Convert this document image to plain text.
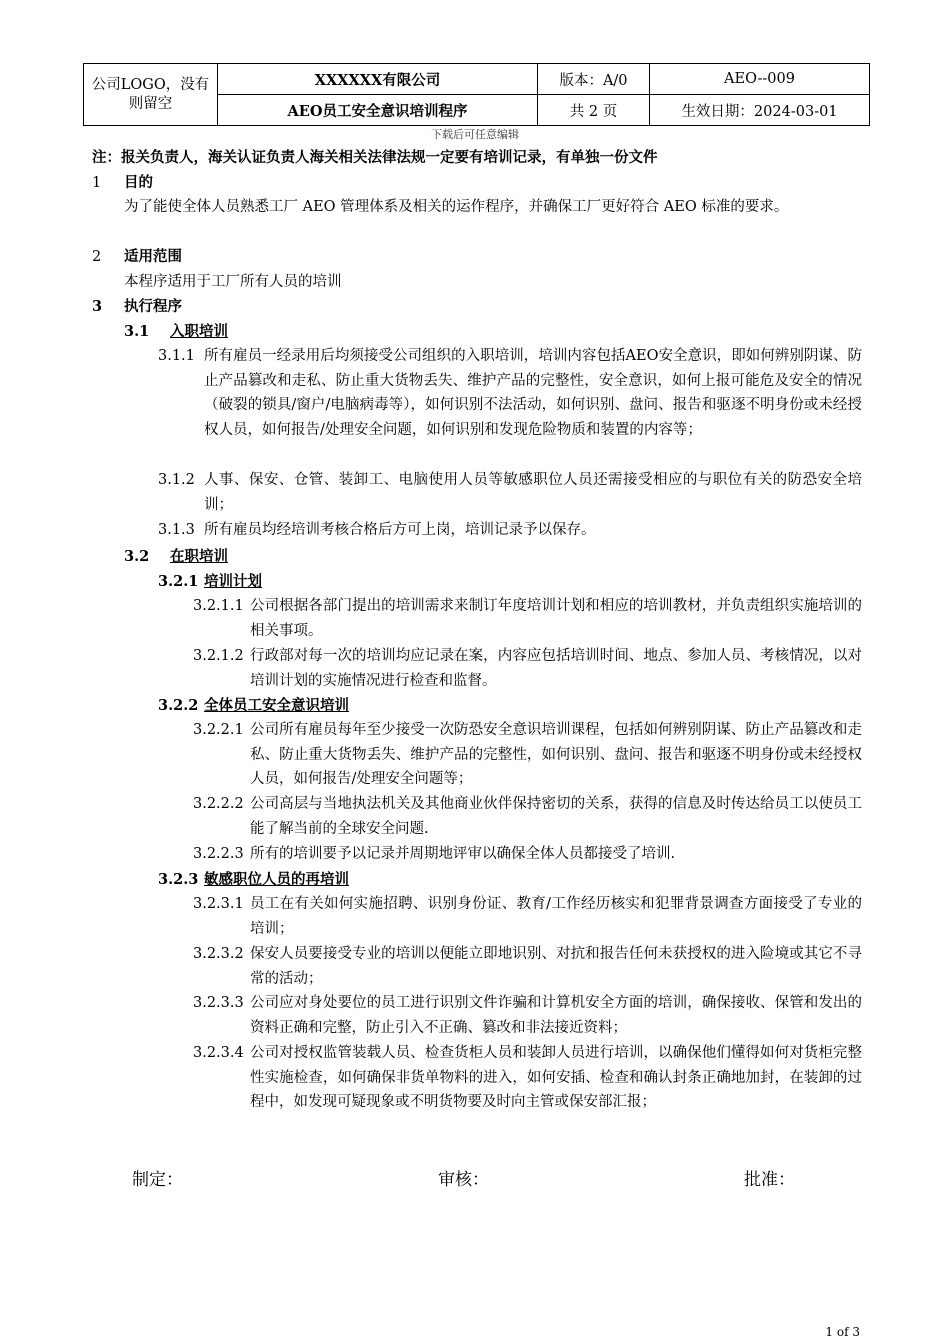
公司LOGO，没有则留空	XXXXXX有限公司	版本：A/0	AEO--009
	AEO员工安全意识培训程序	共 2 页	生效日期：2024-03-01
下载后可任意编辑
注：报关负责人，海关认证负责人海关相关法律法规一定要有培训记录，有单独一份文件
1 目的
为了能使全体人员熟悉工厂 AEO 管理体系及相关的运作程序，并确保工厂更好符合 AEO 标准的要求。
2 适用范围
本程序适用于工厂所有人员的培训
3 执行程序
3.1 入职培训
3.1.1 所有雇员一经录用后均须接受公司组织的入职培训，培训内容包括AEO安全意识，即如何辨别阴谋、防止产品篡改和走私、防止重大货物丢失、维护产品的完整性，安全意识，如何上报可能危及安全的情况（破裂的锁具/窗户/电脑病毒等），如何识别不法活动，如何识别、盘问、报告和驱逐不明身份或未经授权人员，如何报告/处理安全问题，如何识别和发现危险物质和装置的内容等；
3.1.2 人事、保安、仓管、装卸工、电脑使用人员等敏感职位人员还需接受相应的与职位有关的防恐安全培训；
3.1.3 所有雇员均经培训考核合格后方可上岗，培训记录予以保存。
3.2 在职培训
3.2.1 培训计划
3.2.1.1 公司根据各部门提出的培训需求来制订年度培训计划和相应的培训教材，并负责组织实施培训的相关事项。
3.2.1.2 行政部对每一次的培训均应记录在案，内容应包括培训时间、地点、参加人员、考核情况，以对培训计划的实施情况进行检查和监督。
3.2.2 全体员工安全意识培训
3.2.2.1 公司所有雇员每年至少接受一次防恐安全意识培训课程，包括如何辨别阴谋、防止产品篡改和走私、防止重大货物丢失、维护产品的完整性，如何识别、盘问、报告和驱逐不明身份或未经授权人员，如何报告/处理安全问题等；
3.2.2.2 公司高层与当地执法机关及其他商业伙伴保持密切的关系，获得的信息及时传达给员工以使员工能了解当前的全球安全问题.
3.2.2.3 所有的培训要予以记录并周期地评审以确保全体人员都接受了培训.
3.2.3 敏感职位人员的再培训
3.2.3.1 员工在有关如何实施招聘、识别身份证、教育/工作经历核实和犯罪背景调查方面接受了专业的培训；
3.2.3.2 保安人员要接受专业的培训以便能立即地识别、对抗和报告任何未获授权的进入险境或其它不寻常的活动；
3.2.3.3 公司应对身处要位的员工进行识别文件诈骗和计算机安全方面的培训，确保接收、保管和发出的资料正确和完整，防止引入不正确、篡改和非法接近资料；
3.2.3.4 公司对授权监管装载人员、检查货柜人员和装卸人员进行培训，以确保他们懂得如何对货柜完整性实施检查，如何确保非货单物料的进入，如何安插、检查和确认封条正确地加封，在装卸的过程中，如发现可疑现象或不明货物要及时向主管或保安部汇报；
制定：	审核：	批准：
1 of 3
